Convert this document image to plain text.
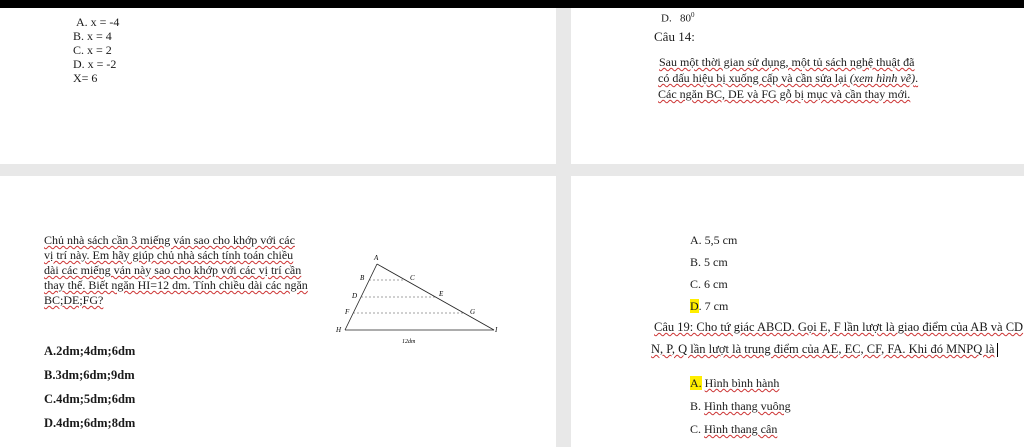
A. x = -4
B. x = 4
C. x = 2
D. x = -2
X= 6
D. $80^0$
Câu 14:
Sau một thời gian sử dụng, một tủ sách nghệ thuật đã
có dấu hiệu bị xuống cấp và cần sửa lại (xem hình vẽ).
Các ngăn BC, DE và FG gỗ bị mục và cần thay mới.
Chủ nhà sách cần 3 miếng ván sao cho khớp với các
vị trí này. Em hãy giúp chủ nhà sách tính toán chiều
dài các miếng ván này sao cho khớp với các vị trí cần
thay thế. Biết ngăn HI=12 dm. Tính chiều dài các ngăn
BC;DE;FG?
A.2dm;4dm;6dm
B.3dm;6dm;9dm
C.4dm;5dm;6dm
D.4dm;6dm;8dm
A
B	C
D	E
F	G
H	I
12dm
A. 5,5 cm
B. 5 cm
C. 6 cm
D. 7 cm
Câu 19: Cho tứ giác ABCD. Gọi E, F lần lượt là giao điểm của AB và CD
N, P, Q lần lượt là trung điểm của AE, EC, CF, FA. Khi đó MNPQ là
A. Hình bình hành
B. Hình thang vuông
C. Hình thang cân
